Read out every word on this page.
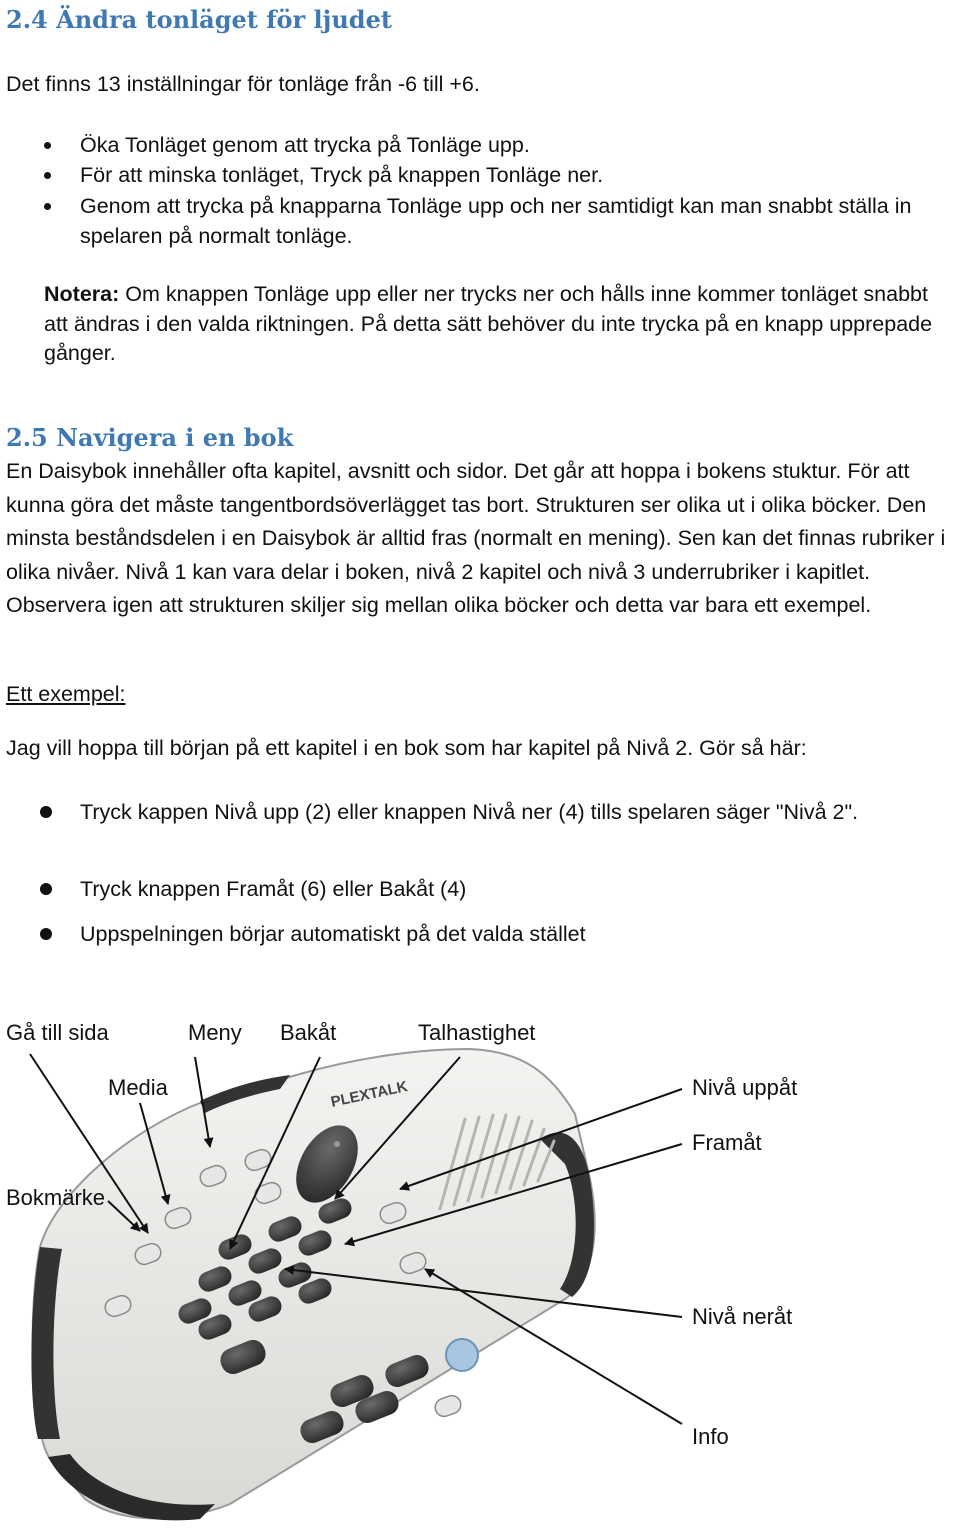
2.4 Ändra tonläget för ljudet
Det finns 13 inställningar för tonläge från -6 till +6.
Öka Tonläget genom att trycka på Tonläge upp.
För att minska tonläget, Tryck på knappen Tonläge ner.
Genom att trycka på knapparna Tonläge upp och ner samtidigt kan man snabbt ställa in spelaren på normalt tonläge.
Notera: Om knappen Tonläge upp eller ner trycks ner och hålls inne kommer tonläget snabbt att ändras i den valda riktningen. På detta sätt behöver du inte trycka på en knapp upprepade gånger.
2.5 Navigera i en bok
En Daisybok innehåller ofta kapitel, avsnitt och sidor. Det går att hoppa i bokens stuktur. För att kunna göra det måste tangentbordsöverlägget tas bort. Strukturen ser olika ut i olika böcker. Den minsta beståndsdelen i en Daisybok är alltid fras (normalt en mening). Sen kan det finnas rubriker i olika nivåer. Nivå 1 kan vara delar i boken, nivå 2 kapitel och nivå 3 underrubriker i kapitlet. Observera igen att strukturen skiljer sig mellan olika böcker och detta var bara ett exempel.
Ett exempel:
Jag vill hoppa till början på ett kapitel i en bok som har kapitel på Nivå 2. Gör så här:
Tryck kappen Nivå upp (2) eller knappen Nivå ner (4) tills spelaren säger "Nivå 2".
Tryck knappen Framåt (6) eller Bakåt (4)
Uppspelningen börjar automatiskt på det valda stället
PLEXTALK
Gå till sida	Meny Bakåt	Talhastighet
Media	Nivå uppåt
Framåt
Bokmärke
Nivå neråt
Info
